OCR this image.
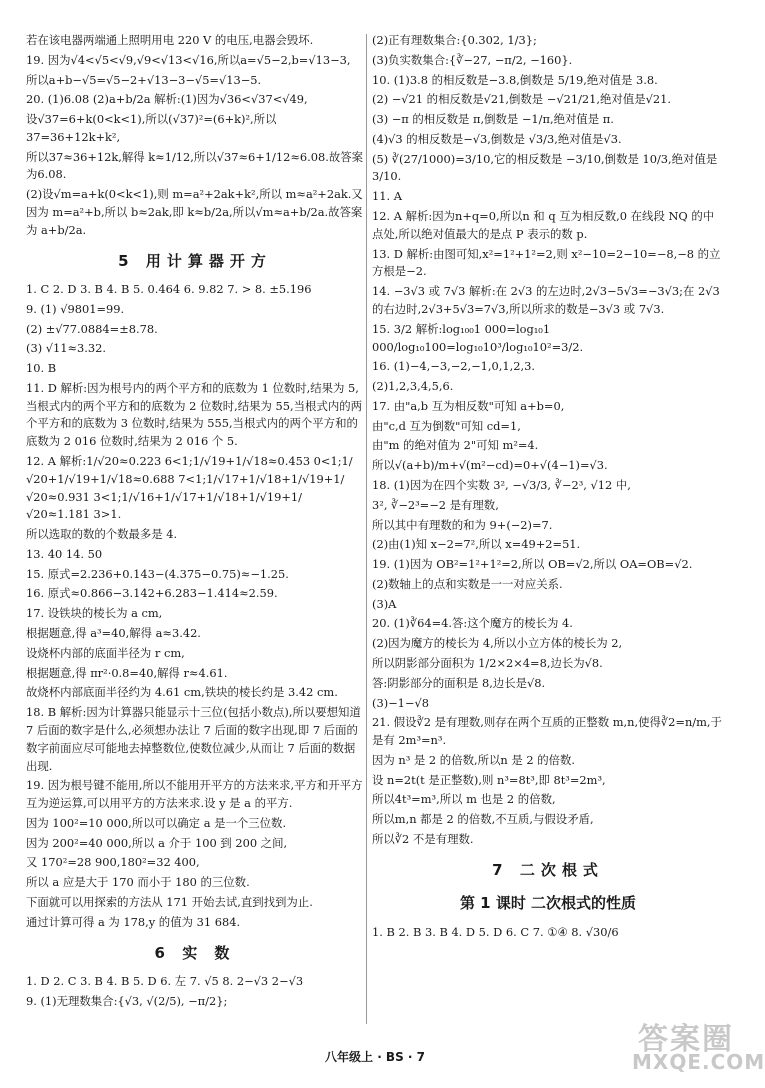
若在该电器两端通上照明用电 220 V 的电压,电器会毁坏.

19. 因为√4<√5<√9,√9<√13<√16,所以a=√5−2,b=√13−3,

所以a+b−√5=√5−2+√13−3−√5=√13−5.

20. (1)6.08 (2)a+b/2a 解析:(1)因为√36<√37<√49,

设√37=6+k(0<k<1),所以(√37)²=(6+k)²,所以37=36+12k+k²,

所以37≈36+12k,解得 k≈1/12,所以√37≈6+1/12≈6.08.故答案为6.08.

(2)设√m=a+k(0<k<1),则 m=a²+2ak+k²,所以 m≈a²+2ak.又因为 m=a²+b,所以 b≈2ak,即 k≈b/2a,所以√m≈a+b/2a.故答案为 a+b/2a.

5 用计算器开方

1. C 2. D 3. B 4. B 5. 0.464 6. 9.82 7. > 8. ±5.196

9. (1) √9801=99.

(2) ±√77.0884=±8.78.

(3) √11≈3.32.

10. B

11. D 解析:因为根号内的两个平方和的底数为 1 位数时,结果为 5,当根式内的两个平方和的底数为 2 位数时,结果为 55,当根式内的两个平方和的底数为 3 位数时,结果为 555,当根式内的两个平方和的底数为 2 016 位数时,结果为 2 016 个 5.

12. A 解析:1/√20≈0.223 6<1;1/√19+1/√18≈0.453 0<1;1/√20+1/√19+1/√18≈0.688 7<1;1/√17+1/√18+1/√19+1/√20≈0.931 3<1;1/√16+1/√17+1/√18+1/√19+1/√20≈1.181 3>1.

所以选取的数的个数最多是 4.

13. 40 14. 50

15. 原式=2.236+0.143−(4.375−0.75)≈−1.25.

16. 原式≈0.866−3.142+6.283−1.414≈2.59.

17. 设铁块的棱长为 a cm,

根据题意,得 a³=40,解得 a≈3.42.

设烧杯内部的底面半径为 r cm,

根据题意,得 πr²·0.8=40,解得 r≈4.61.

故烧杯内部底面半径约为 4.61 cm,铁块的棱长约是 3.42 cm.

18. B 解析:因为计算器只能显示十三位(包括小数点),所以要想知道 7 后面的数字是什么,必须想办法让 7 后面的数字出现,即 7 后面的数字前面应尽可能地去掉整数位,使数位减少,从而让 7 后面的数据出现.

19. 因为根号键不能用,所以不能用开平方的方法来求,平方和开平方互为逆运算,可以用平方的方法来求.设 y 是 a 的平方.

因为 100²=10 000,所以可以确定 a 是一个三位数.

因为 200²=40 000,所以 a 介于 100 到 200 之间,

又 170²=28 900,180²=32 400,

所以 a 应是大于 170 而小于 180 的三位数.

下面就可以用探索的方法从 171 开始去试,直到找到为止.

通过计算可得 a 为 178,y 的值为 31 684.

6 实 数

1. D 2. C 3. B 4. B 5. D 6. 左 7. √5 8. 2−√3 2−√3

9. (1)无理数集合:{√3, √(2/5), −π/2};

(2)正有理数集合:{0.302, 1/3};

(3)负实数集合:{∛−27, −π/2, −160}.

10. (1)3.8 的相反数是−3.8,倒数是 5/19,绝对值是 3.8.

(2) −√21 的相反数是√21,倒数是 −√21/21,绝对值是√21.

(3) −π 的相反数是 π,倒数是 −1/π,绝对值是 π.

(4)√3 的相反数是−√3,倒数是 √3/3,绝对值是√3.

(5) ∛(27/1000)=3/10,它的相反数是 −3/10,倒数是 10/3,绝对值是 3/10.

11. A

12. A 解析:因为n+q=0,所以n 和 q 互为相反数,0 在线段 NQ 的中点处,所以绝对值最大的是点 P 表示的数 p.

13. D 解析:由图可知,x²=1²+1²=2,则 x²−10=2−10=−8,−8 的立方根是−2.

14. −3√3 或 7√3 解析:在 2√3 的左边时,2√3−5√3=−3√3;在 2√3 的右边时,2√3+5√3=7√3,所以所求的数是−3√3 或 7√3.

15. 3/2 解析:log₁₀₀1 000=log₁₀1 000/log₁₀100=log₁₀10³/log₁₀10²=3/2.

16. (1)−4,−3,−2,−1,0,1,2,3.

(2)1,2,3,4,5,6.

17. 由"a,b 互为相反数"可知 a+b=0,

由"c,d 互为倒数"可知 cd=1,

由"m 的绝对值为 2"可知 m²=4.

所以√(a+b)/m+√(m²−cd)=0+√(4−1)=√3.

18. (1)因为在四个实数 3², −√3/3, ∛−2³, √12 中,

3², ∛−2³=−2 是有理数,

所以其中有理数的和为 9+(−2)=7.

(2)由(1)知 x−2=7²,所以 x=49+2=51.

19. (1)因为 OB²=1²+1²=2,所以 OB=√2,所以 OA=OB=√2.

(2)数轴上的点和实数是一一对应关系.

(3)A

20. (1)∛64=4.答:这个魔方的棱长为 4.

(2)因为魔方的棱长为 4,所以小立方体的棱长为 2,

所以阴影部分面积为 1/2×2×4=8,边长为√8.

答:阴影部分的面积是 8,边长是√8.

(3)−1−√8

21. 假设∛2 是有理数,则存在两个互质的正整数 m,n,使得∛2=n/m,于是有 2m³=n³.

因为 n³ 是 2 的倍数,所以n 是 2 的倍数.

设 n=2t(t 是正整数),则 n³=8t³,即 8t³=2m³,

所以4t³=m³,所以 m 也是 2 的倍数,

所以m,n 都是 2 的倍数,不互质,与假设矛盾,

所以∛2 不是有理数.

7 二次根式

第 1 课时 二次根式的性质

1. B 2. B 3. B 4. D 5. D 6. C 7. ①④ 8. √30/6

八年级上 · BS · 7	答案圈
MXQE.COM
